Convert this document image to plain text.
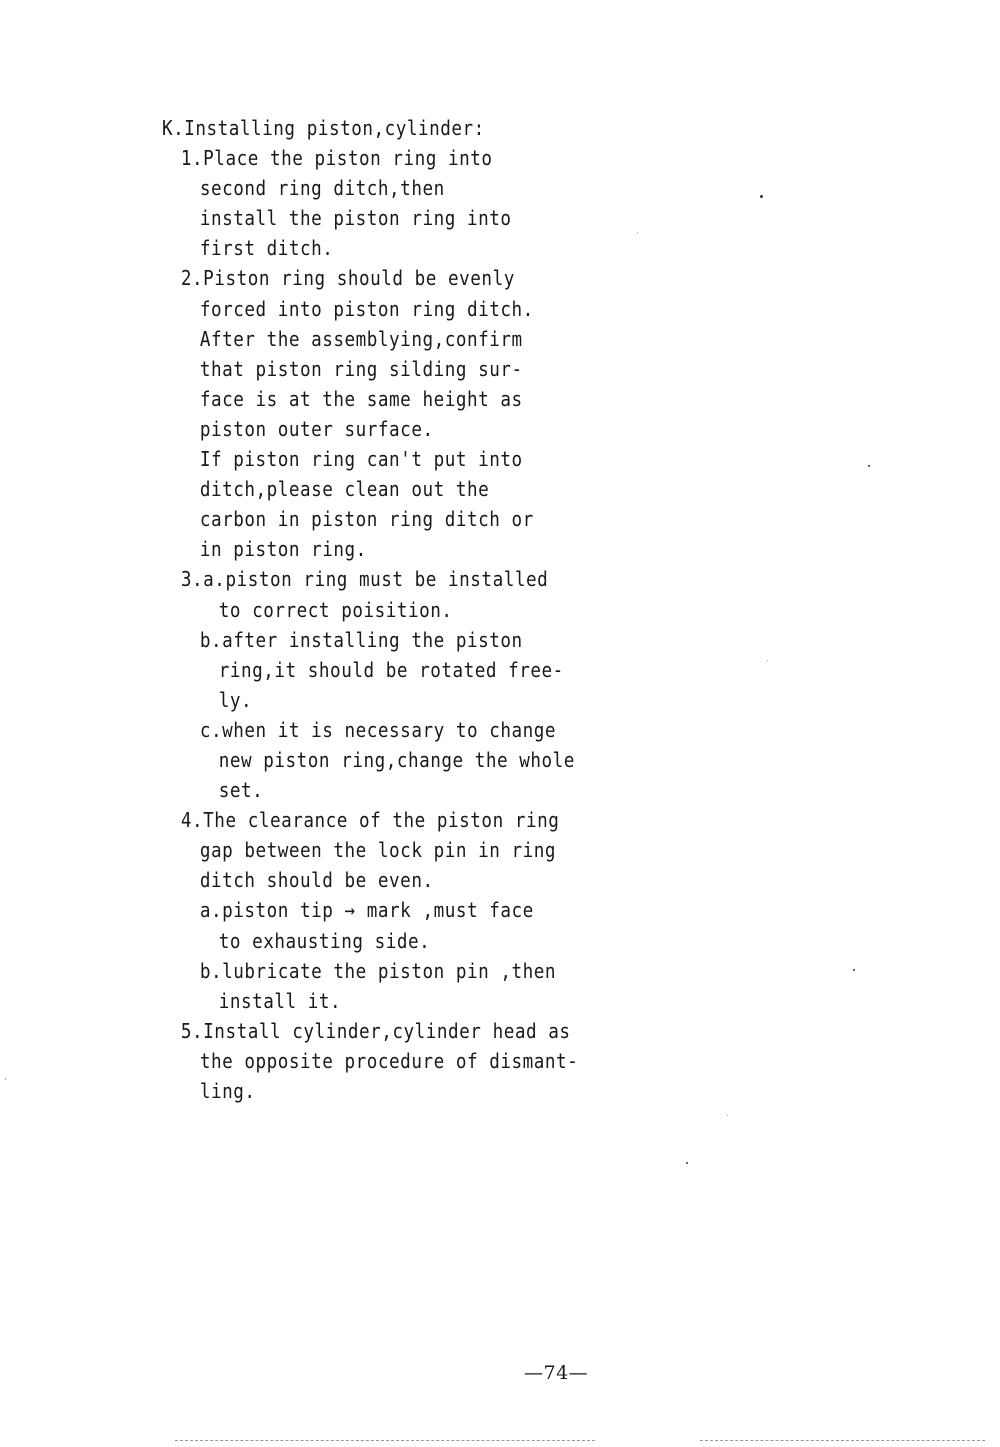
K.Installing piston,cylinder:
1.Place the piston ring into
second ring ditch,then
install the piston ring into
first ditch.
2.Piston ring should be evenly
forced into piston ring ditch.
After the assemblying,confirm
that piston ring silding sur-
face is at the same height as
piston outer surface.
If piston ring can't put into
ditch,please clean out the
carbon in piston ring ditch or
in piston ring.
3.a.piston ring must be installed
to correct poisition.
b.after installing the piston
ring,it should be rotated free-
ly.
c.when it is necessary to change
new piston ring,change the whole
set.
4.The clearance of the piston ring
gap between the lock pin in ring
ditch should be even.
a.piston tip → mark ,must face
to exhausting side.
b.lubricate the piston pin ,then
install it.
5.Install cylinder,cylinder head as
the opposite procedure of dismant-
ling.
—74—
